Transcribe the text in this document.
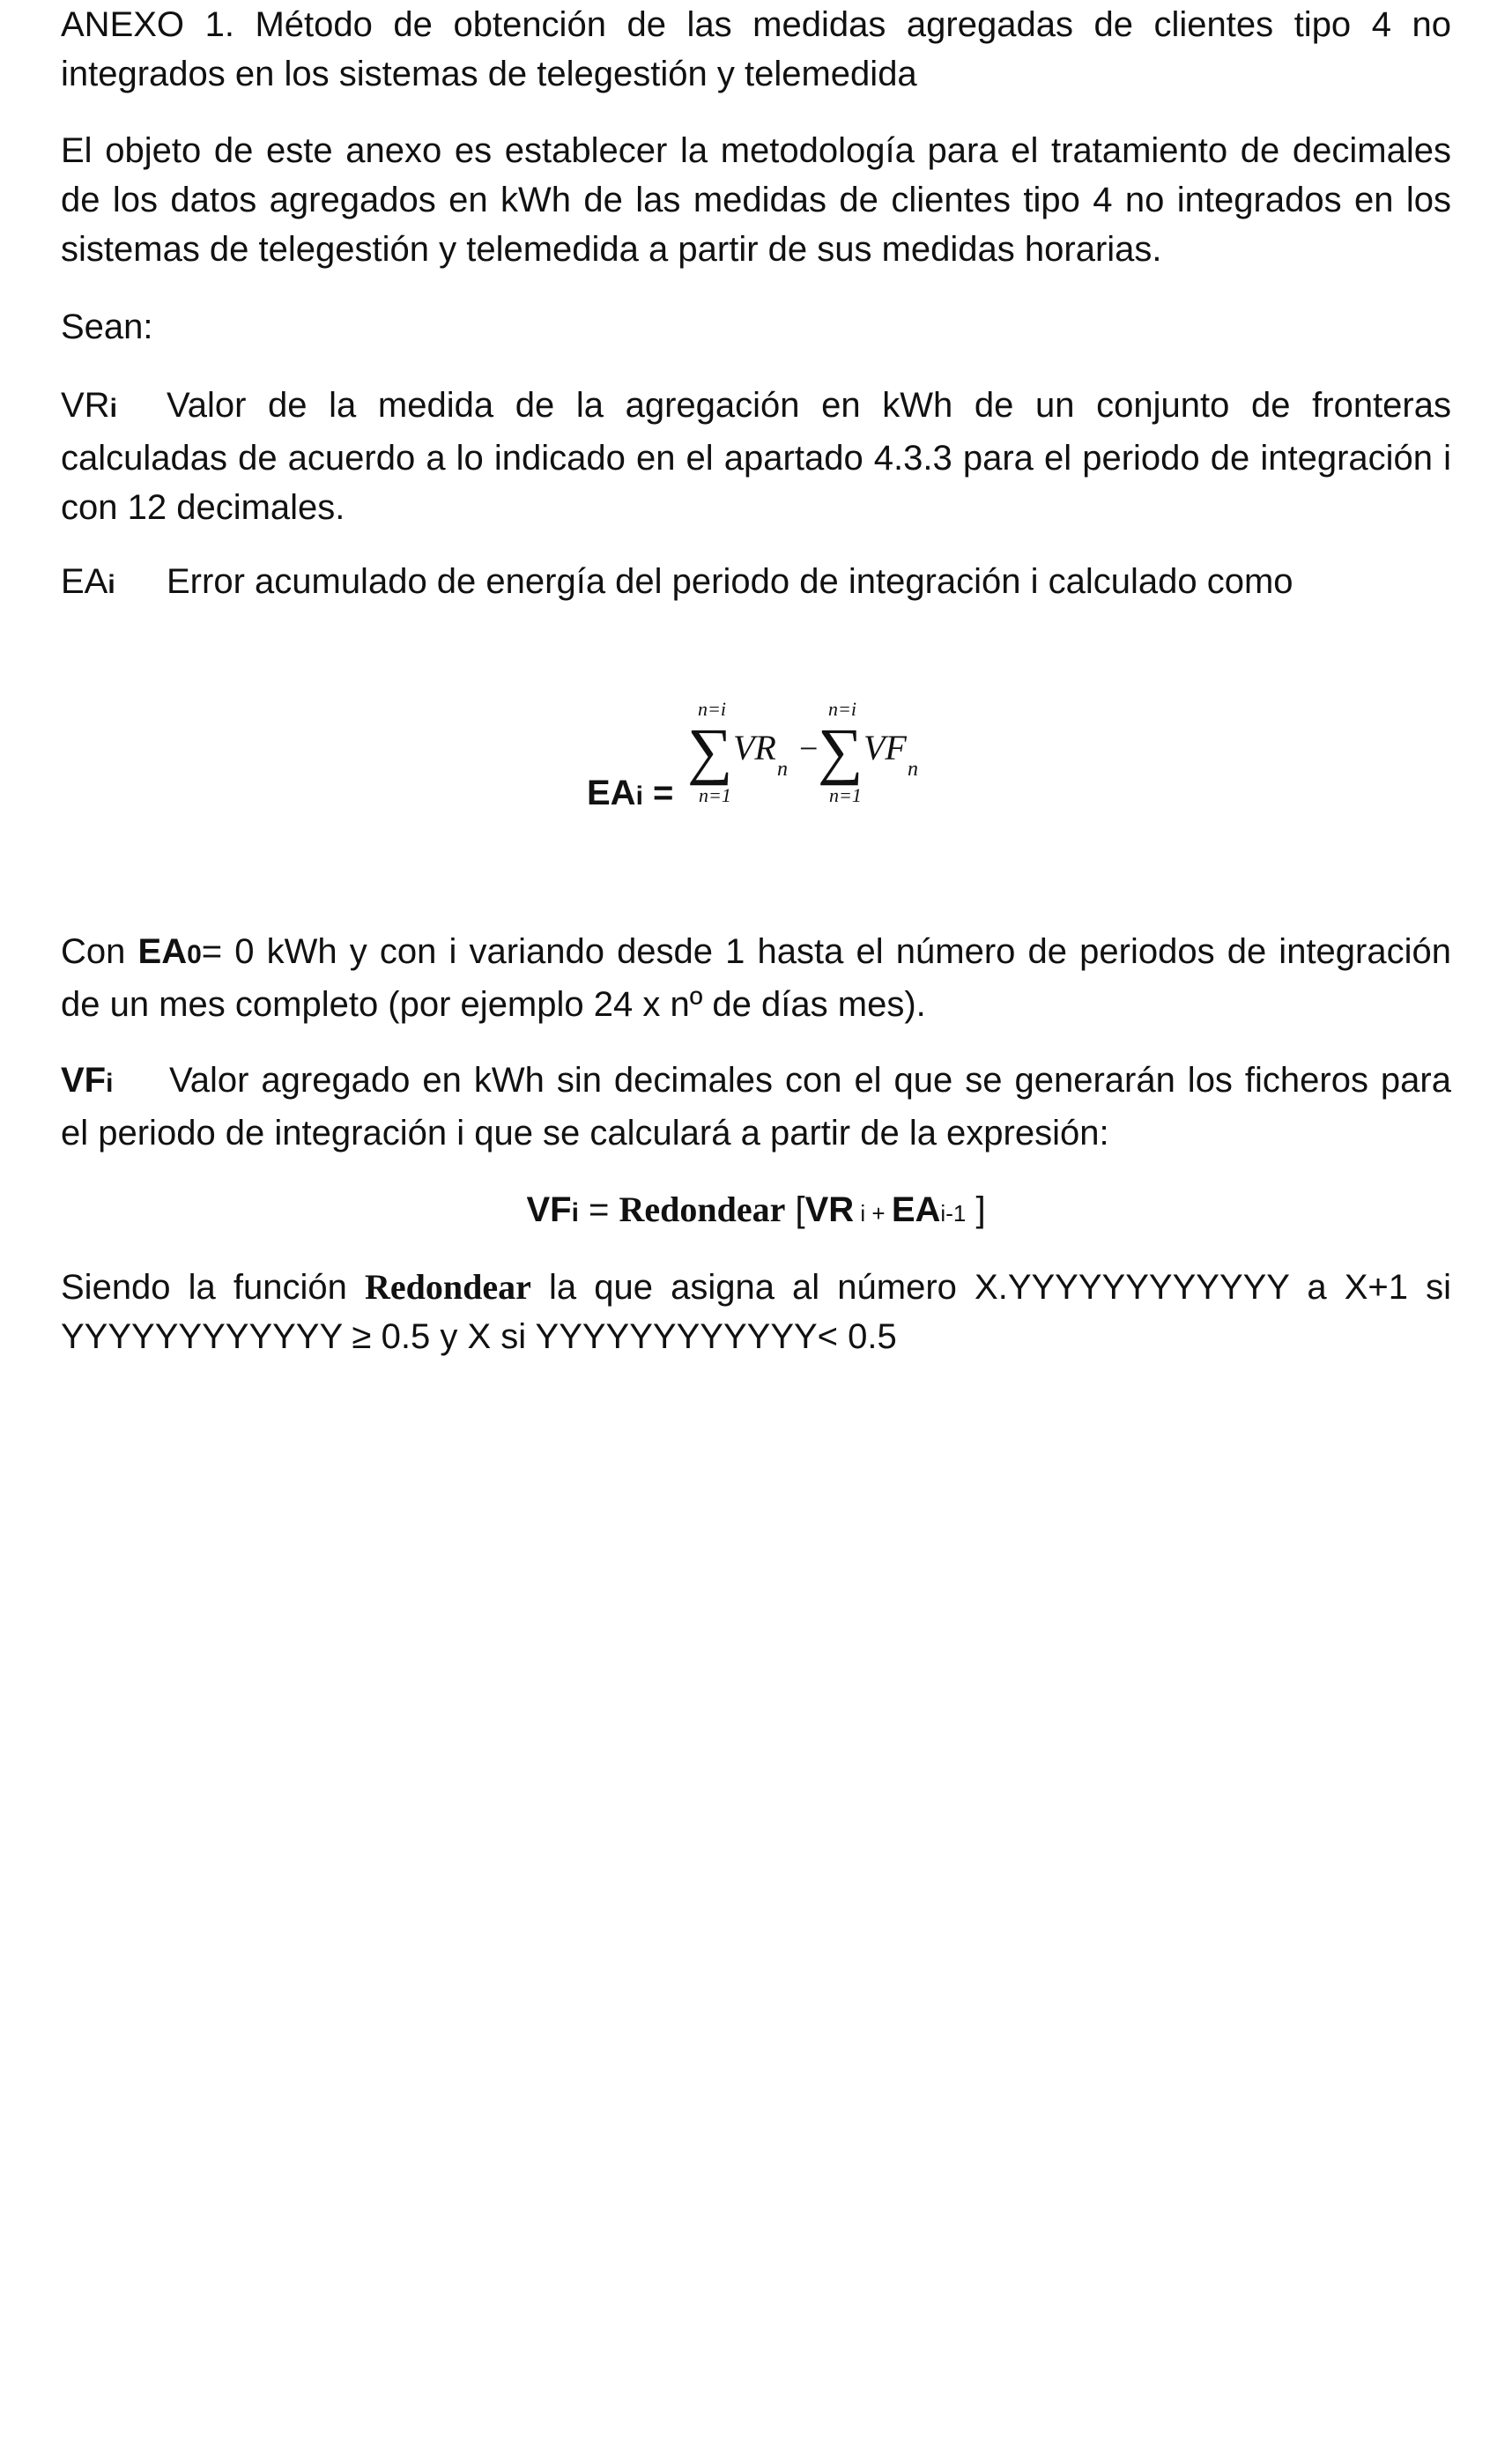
ANEXO 1. Método de obtención de las medidas agregadas de clientes tipo 4 no integrados en los sistemas de telegestión y telemedida
El objeto de este anexo es establecer la metodología para el tratamiento de decimales de los datos agregados en kWh de las medidas de clientes tipo 4 no integrados en los sistemas de telegestión y telemedida a partir de sus medidas horarias.
Sean:
VRi Valor de la medida de la agregación en kWh de un conjunto de fronteras calculadas de acuerdo a lo indicado en el apartado 4.3.3 para el periodo de integración i con 12 decimales.
EAi Error acumulado de energía del periodo de integración i calculado como
EAi =
n=i
∑
n=1
VR
n
−
n=i
∑
n=1
VF
n
Con EA0= 0 kWh y con i variando desde 1 hasta el número de periodos de integración de un mes completo (por ejemplo 24 x nº de días mes).
VFi Valor agregado en kWh sin decimales con el que se generarán los ficheros para el periodo de integración i que se calculará a partir de la expresión:
VFi = Redondear [VR i + EAi-1 ]
Siendo la función Redondear la que asigna al número X.YYYYYYYYYYYY a X+1 si YYYYYYYYYYYY ≥ 0.5 y X si YYYYYYYYYYYY< 0.5
